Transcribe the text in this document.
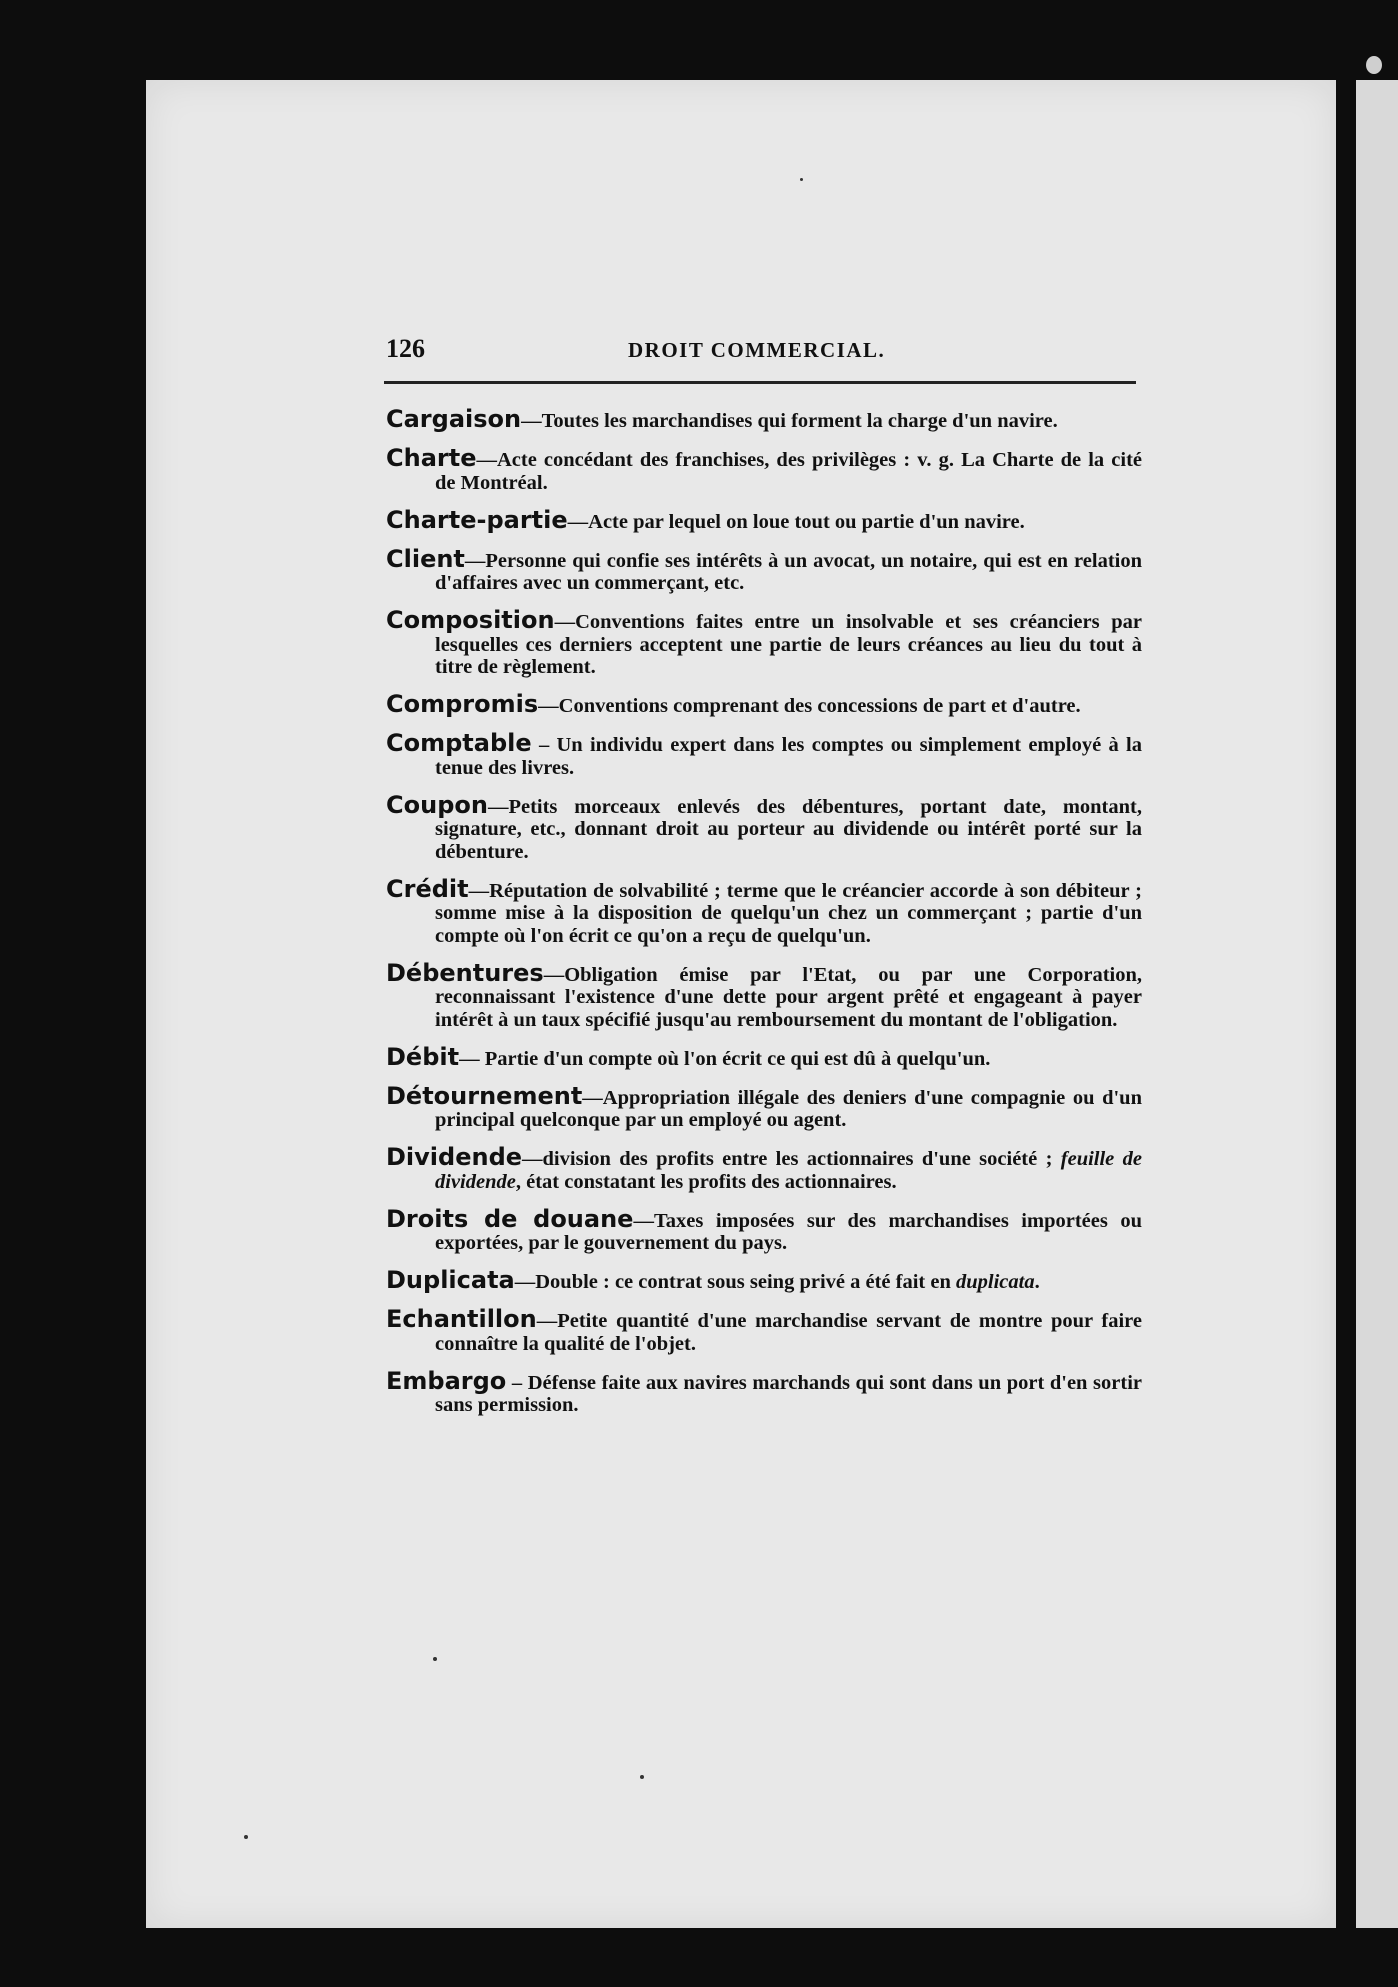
126	DROIT COMMERCIAL.

Cargaison—Toutes les marchandises qui forment la charge d'un navire.

Charte—Acte concédant des franchises, des privilèges : v. g. La Charte de la cité de Montréal.

Charte-partie—Acte par lequel on loue tout ou partie d'un navire.

Client—Personne qui confie ses intérêts à un avocat, un notaire, qui est en relation d'affaires avec un commerçant, etc.

Composition—Conventions faites entre un insolvable et ses créanciers par lesquelles ces derniers acceptent une partie de leurs créances au lieu du tout à titre de règlement.

Compromis—Conventions comprenant des concessions de part et d'autre.

Comptable – Un individu expert dans les comptes ou simplement employé à la tenue des livres.

Coupon—Petits morceaux enlevés des débentures, portant date, montant, signature, etc., donnant droit au porteur au dividende ou intérêt porté sur la débenture.

Crédit—Réputation de solvabilité ; terme que le créancier accorde à son débiteur ; somme mise à la disposition de quelqu'un chez un commerçant ; partie d'un compte où l'on écrit ce qu'on a reçu de quelqu'un.

Débentures—Obligation émise par l'Etat, ou par une Corporation, reconnaissant l'existence d'une dette pour argent prêté et engageant à payer intérêt à un taux spécifié jusqu'au remboursement du montant de l'obligation.

Débit— Partie d'un compte où l'on écrit ce qui est dû à quelqu'un.

Détournement—Appropriation illégale des deniers d'une compagnie ou d'un principal quelconque par un employé ou agent.

Dividende—division des profits entre les actionnaires d'une société ; feuille de dividende, état constatant les profits des actionnaires.

Droits de douane—Taxes imposées sur des marchandises importées ou exportées, par le gouvernement du pays.

Duplicata—Double : ce contrat sous seing privé a été fait en duplicata.

Echantillon—Petite quantité d'une marchandise servant de montre pour faire connaître la qualité de l'objet.

Embargo – Défense faite aux navires marchands qui sont dans un port d'en sortir sans permission.
